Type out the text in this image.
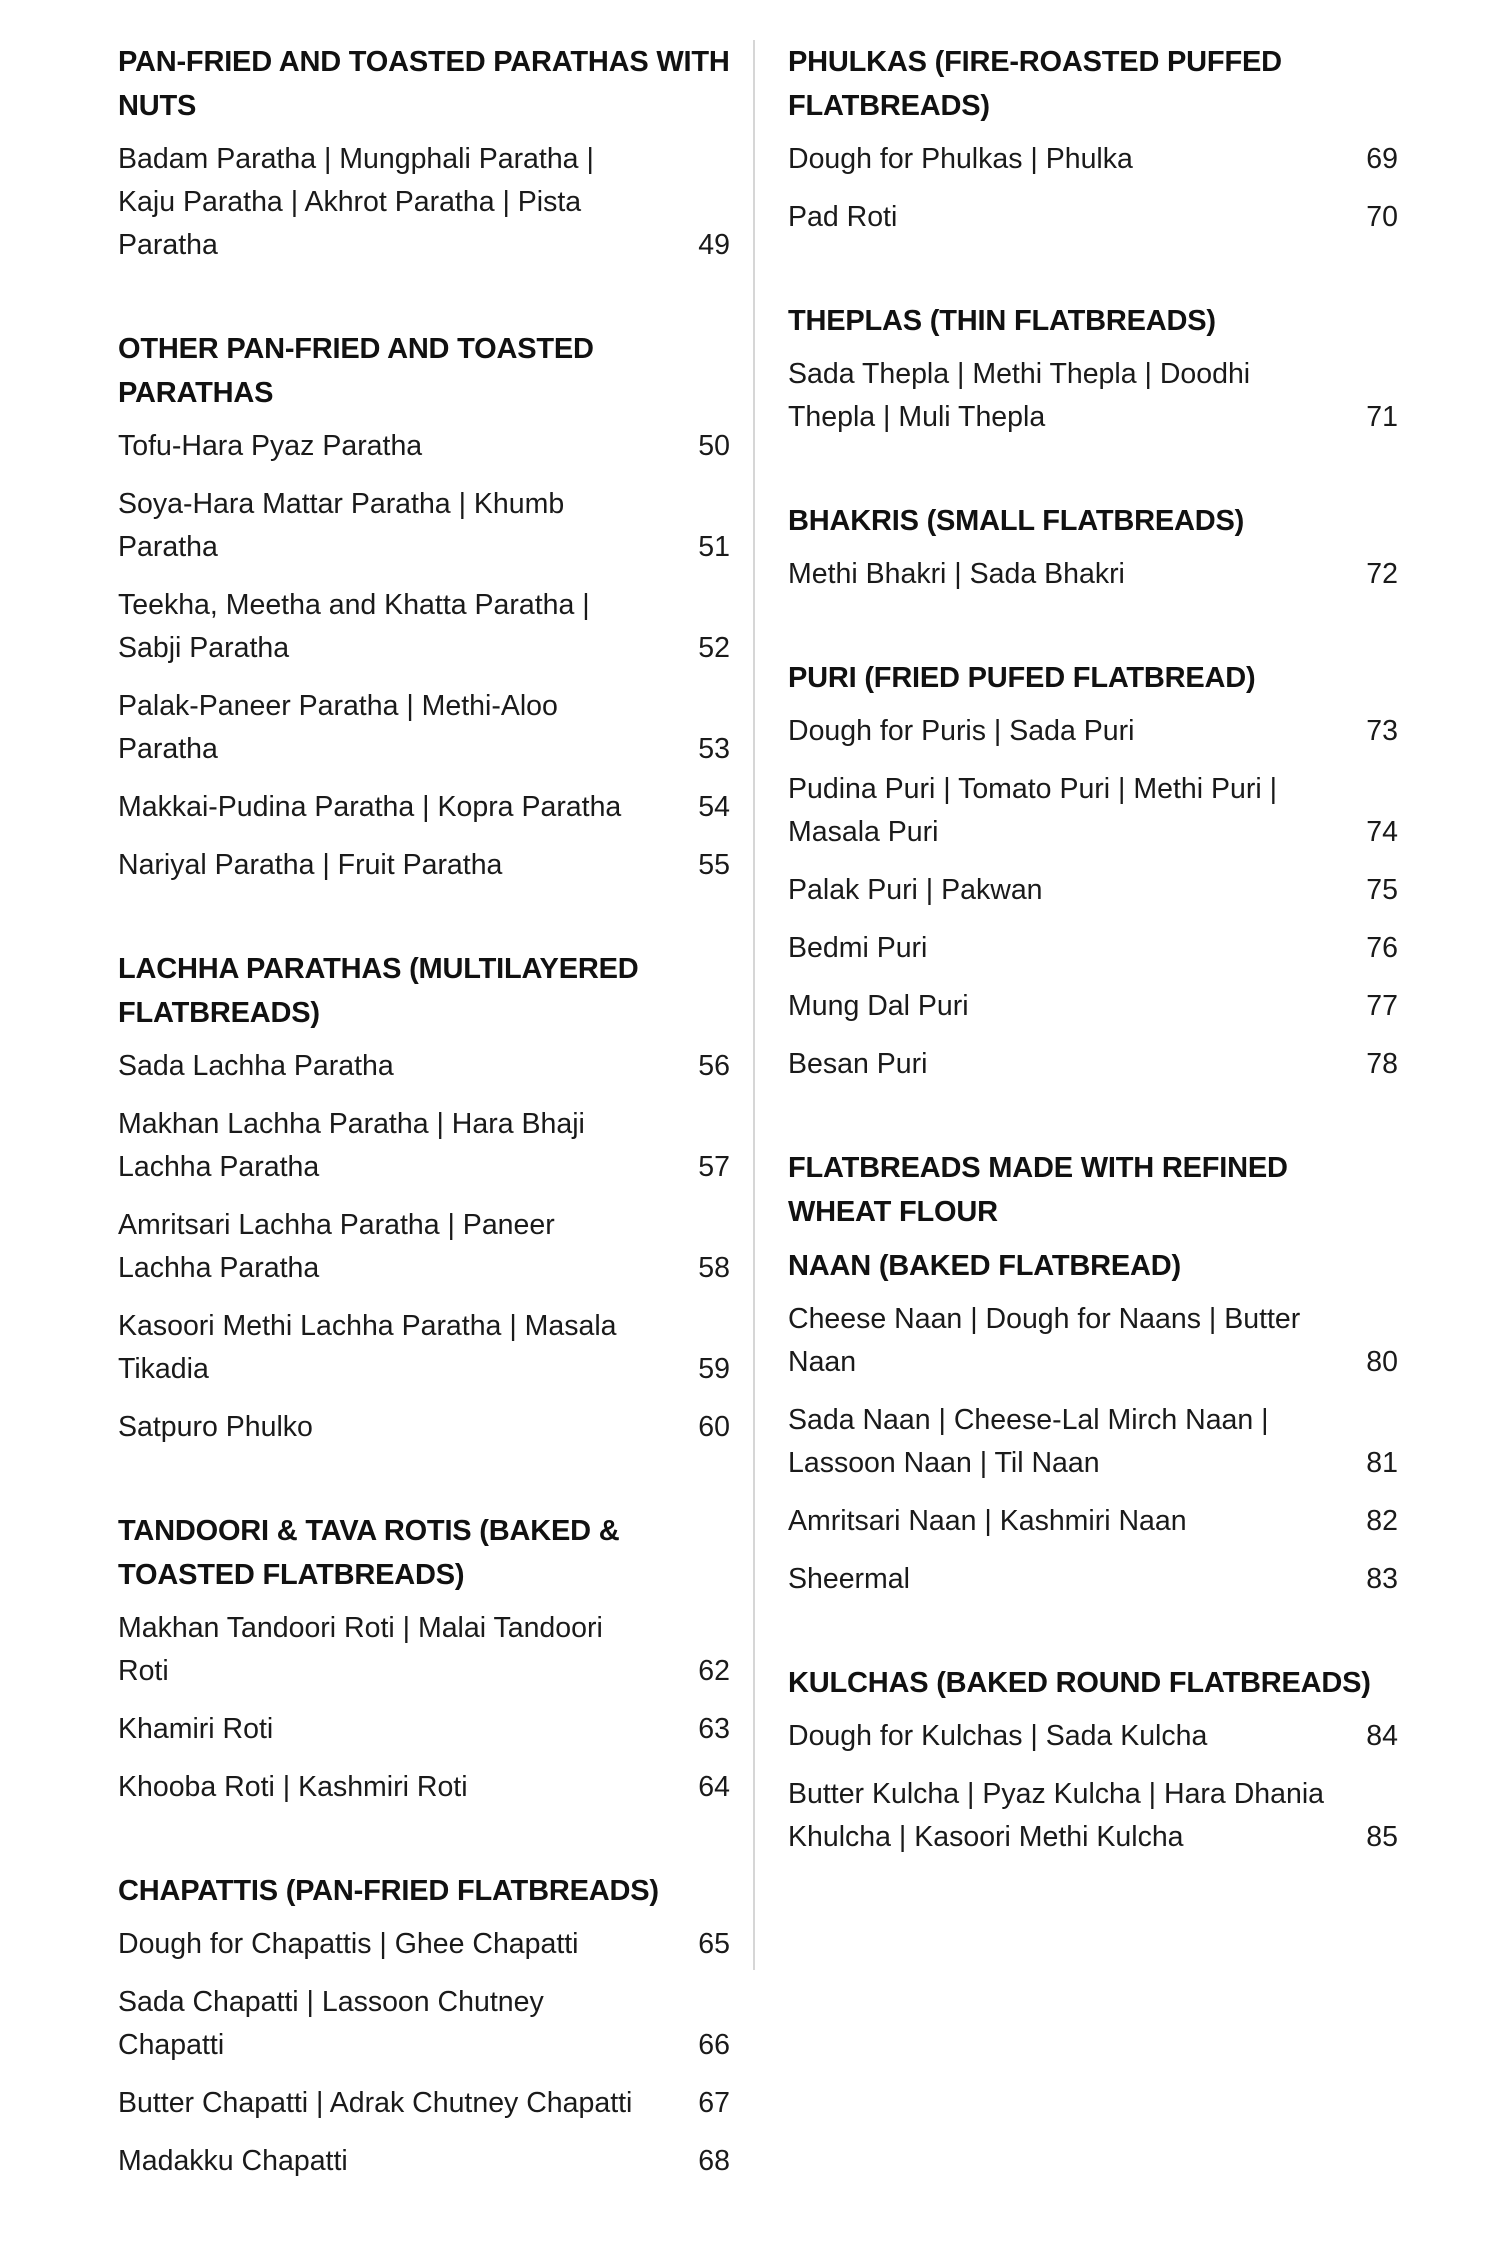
PAN-FRIED AND TOASTED PARATHAS WITH NUTS
Badam Paratha | Mungphali Paratha | Kaju Paratha | Akhrot Paratha | Pista Paratha	49
OTHER PAN-FRIED AND TOASTED PARATHAS
Tofu-Hara Pyaz Paratha	50
Soya-Hara Mattar Paratha | Khumb Paratha	51
Teekha, Meetha and Khatta Paratha | Sabji Paratha	52
Palak-Paneer Paratha | Methi-Aloo Paratha	53
Makkai-Pudina Paratha | Kopra Paratha	54
Nariyal Paratha | Fruit Paratha	55
LACHHA PARATHAS (MULTILAYERED FLATBREADS)
Sada Lachha Paratha	56
Makhan Lachha Paratha | Hara Bhaji Lachha Paratha	57
Amritsari Lachha Paratha | Paneer Lachha Paratha	58
Kasoori Methi Lachha Paratha | Masala Tikadia	59
Satpuro Phulko	60
TANDOORI & TAVA ROTIS (BAKED & TOASTED FLATBREADS)
Makhan Tandoori Roti | Malai Tandoori Roti	62
Khamiri Roti	63
Khooba Roti | Kashmiri Roti	64
CHAPATTIS (PAN-FRIED FLATBREADS)
Dough for Chapattis | Ghee Chapatti	65
Sada Chapatti | Lassoon Chutney Chapatti	66
Butter Chapatti | Adrak Chutney Chapatti	67
Madakku Chapatti	68
PHULKAS (FIRE-ROASTED PUFFED FLATBREADS)
Dough for Phulkas | Phulka	69
Pad Roti	70
THEPLAS (THIN FLATBREADS)
Sada Thepla | Methi Thepla | Doodhi Thepla | Muli Thepla	71
BHAKRIS (SMALL FLATBREADS)
Methi Bhakri | Sada Bhakri	72
PURI (FRIED PUFED FLATBREAD)
Dough for Puris | Sada Puri	73
Pudina Puri | Tomato Puri | Methi Puri | Masala Puri	74
Palak Puri | Pakwan	75
Bedmi Puri	76
Mung Dal Puri	77
Besan Puri	78
FLATBREADS MADE WITH REFINED WHEAT FLOUR
NAAN (BAKED FLATBREAD)
Cheese Naan | Dough for Naans | Butter Naan	80
Sada Naan | Cheese-Lal Mirch Naan | Lassoon Naan | Til Naan	81
Amritsari Naan | Kashmiri Naan	82
Sheermal	83
KULCHAS (BAKED ROUND FLATBREADS)
Dough for Kulchas | Sada Kulcha	84
Butter Kulcha | Pyaz Kulcha | Hara Dhania Khulcha | Kasoori Methi Kulcha	85
